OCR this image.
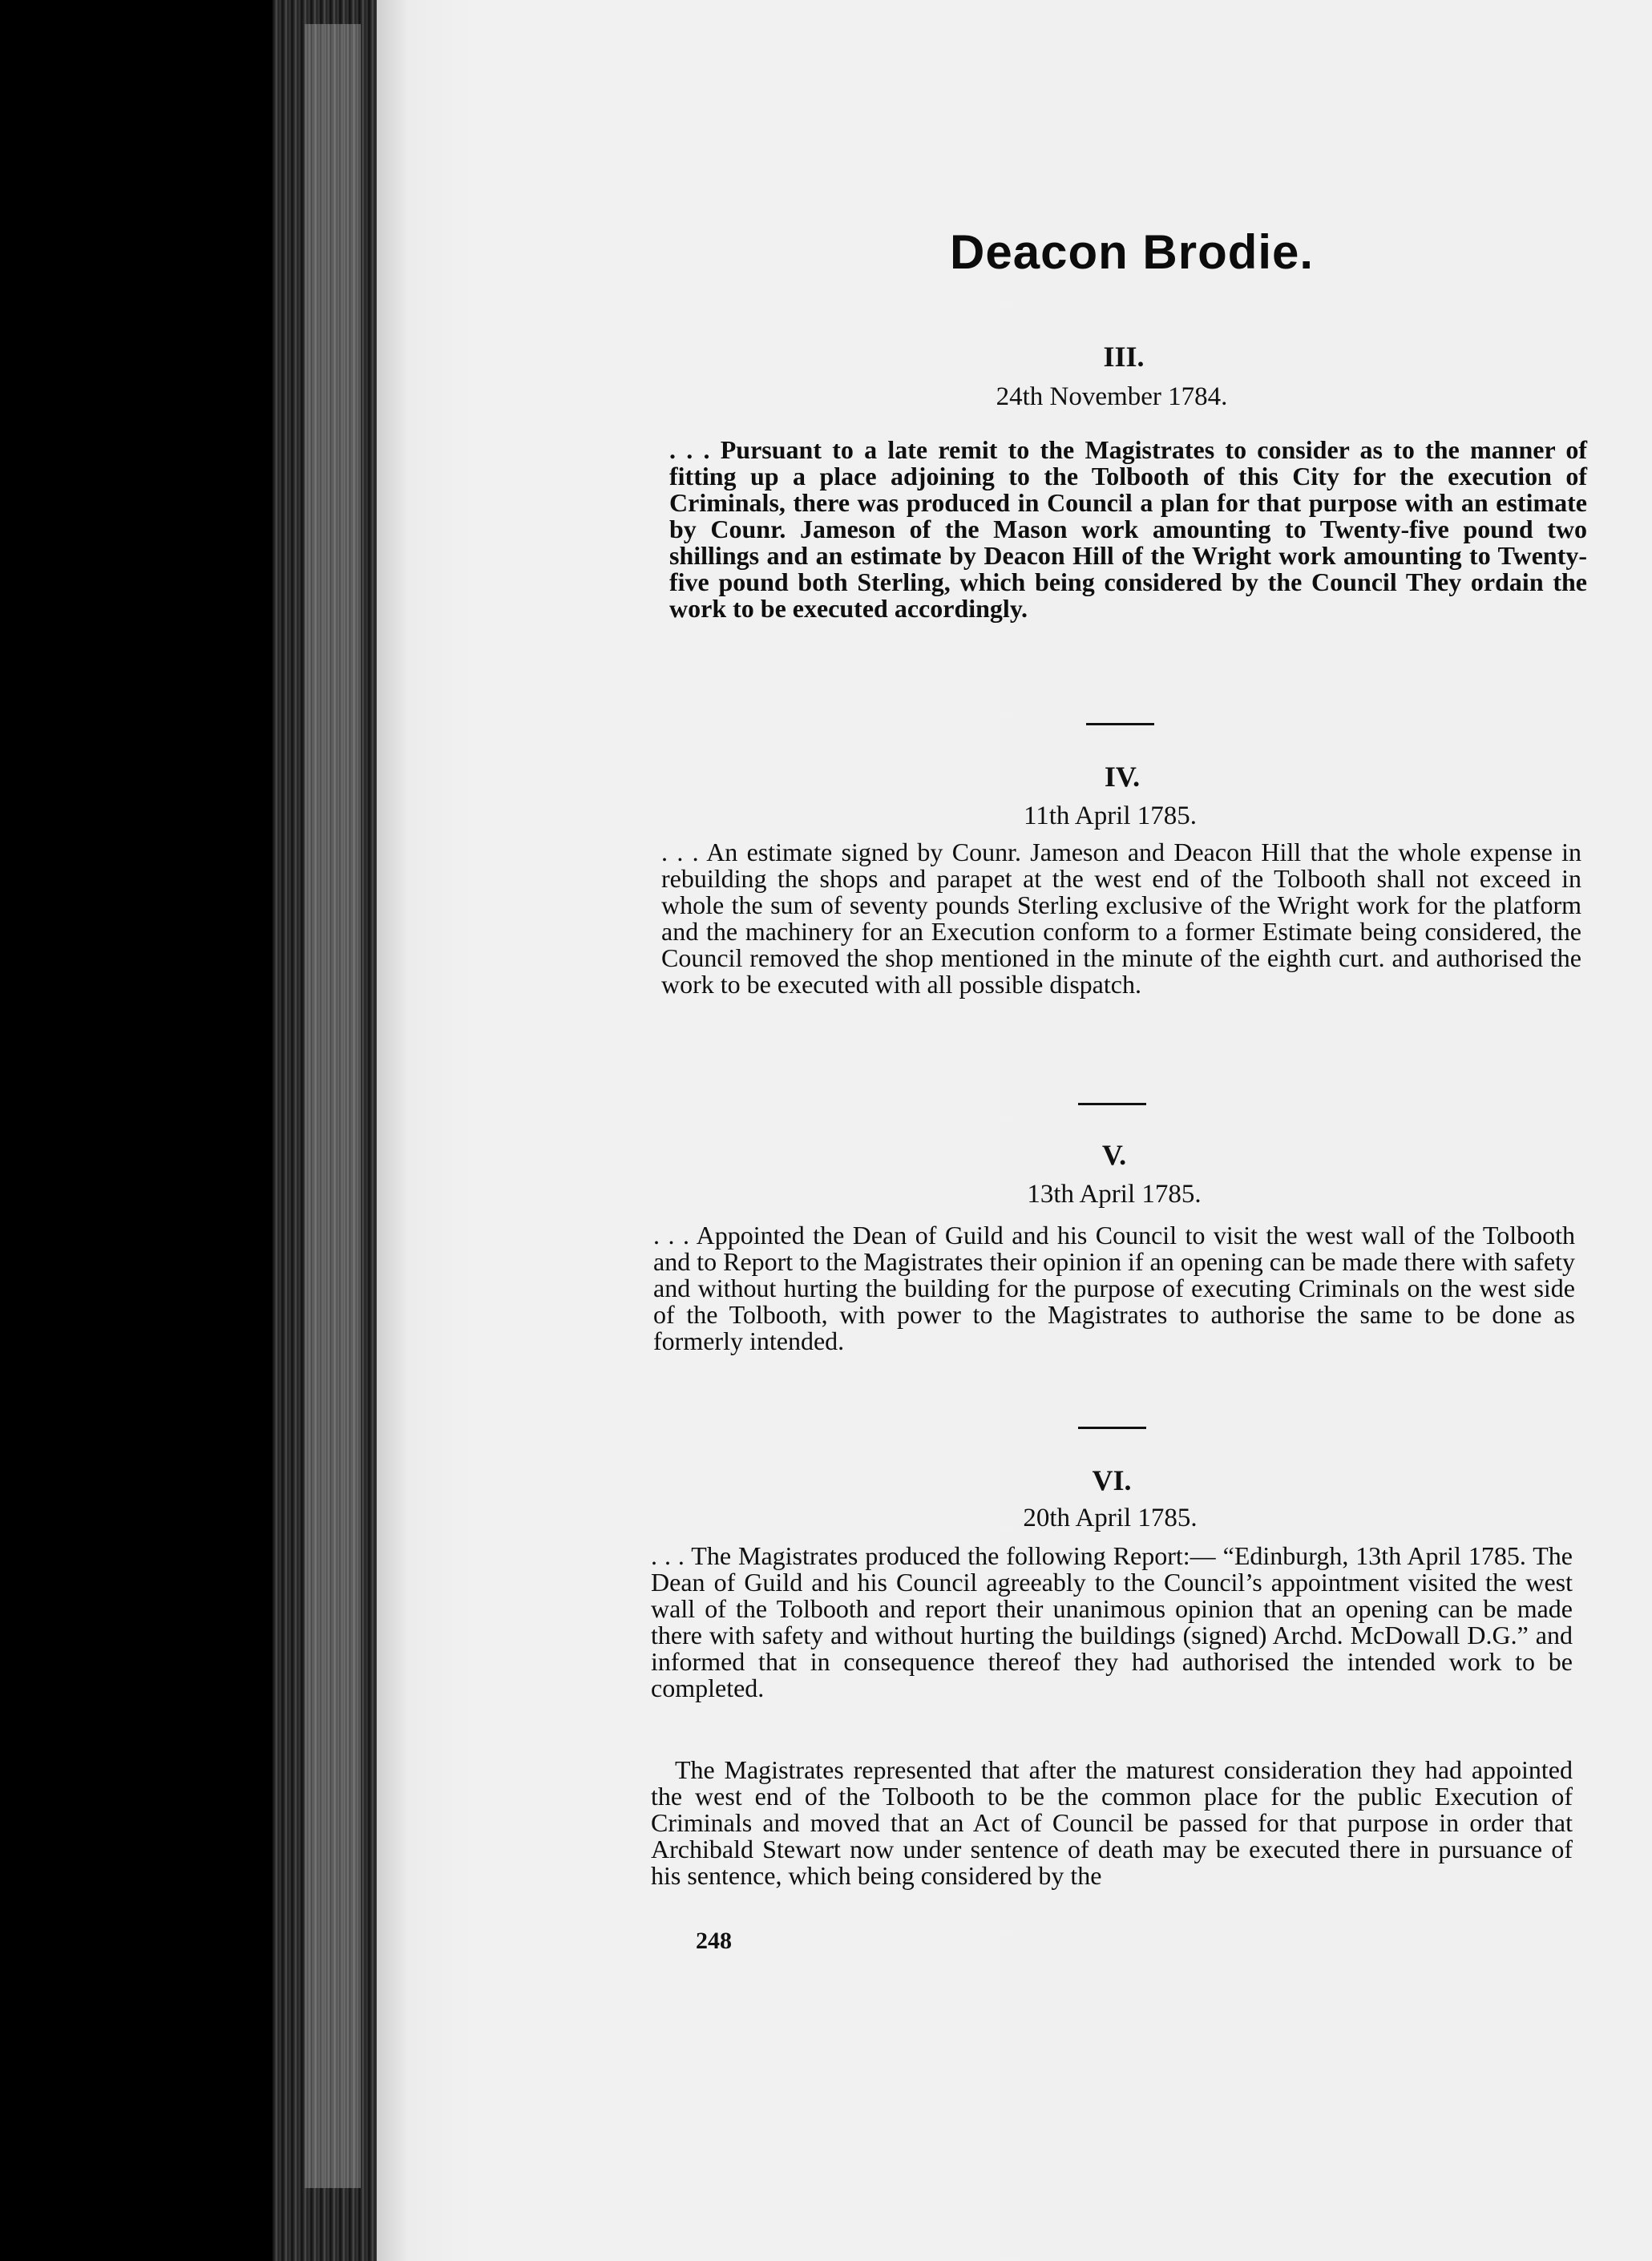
Deacon Brodie.
III.
24th November 1784.

. . . Pursuant to a late remit to the Magistrates to consider as to the manner of fitting up a place adjoining to the Tolbooth of this City for the execution of Criminals, there was produced in Council a plan for that purpose with an estimate by Counr. Jameson of the Mason work amounting to Twenty-five pound two shillings and an estimate by Deacon Hill of the Wright work amounting to Twenty-five pound both Sterling, which being considered by the Council They ordain the work to be executed accordingly.

IV.
11th April 1785.

. . . An estimate signed by Counr. Jameson and Deacon Hill that the whole expense in rebuilding the shops and parapet at the west end of the Tolbooth shall not exceed in whole the sum of seventy pounds Sterling exclusive of the Wright work for the platform and the machinery for an Execution conform to a former Estimate being considered, the Council removed the shop mentioned in the minute of the eighth curt. and authorised the work to be executed with all possible dispatch.

V.
13th April 1785.

. . . Appointed the Dean of Guild and his Council to visit the west wall of the Tolbooth and to Report to the Magistrates their opinion if an opening can be made there with safety and without hurting the building for the purpose of executing Criminals on the west side of the Tolbooth, with power to the Magistrates to authorise the same to be done as formerly intended.

VI.
20th April 1785.

. . . The Magistrates produced the following Report:— “Edinburgh, 13th April 1785. The Dean of Guild and his Council agreeably to the Council’s appointment visited the west wall of the Tolbooth and report their unanimous opinion that an opening can be made there with safety and without hurting the buildings (signed) Archd. McDowall D.G.” and informed that in consequence thereof they had authorised the intended work to be completed.

The Magistrates represented that after the maturest consideration they had appointed the west end of the Tolbooth to be the common place for the public Execution of Criminals and moved that an Act of Council be passed for that purpose in order that Archibald Stewart now under sentence of death may be executed there in pursuance of his sentence, which being considered by the

248
